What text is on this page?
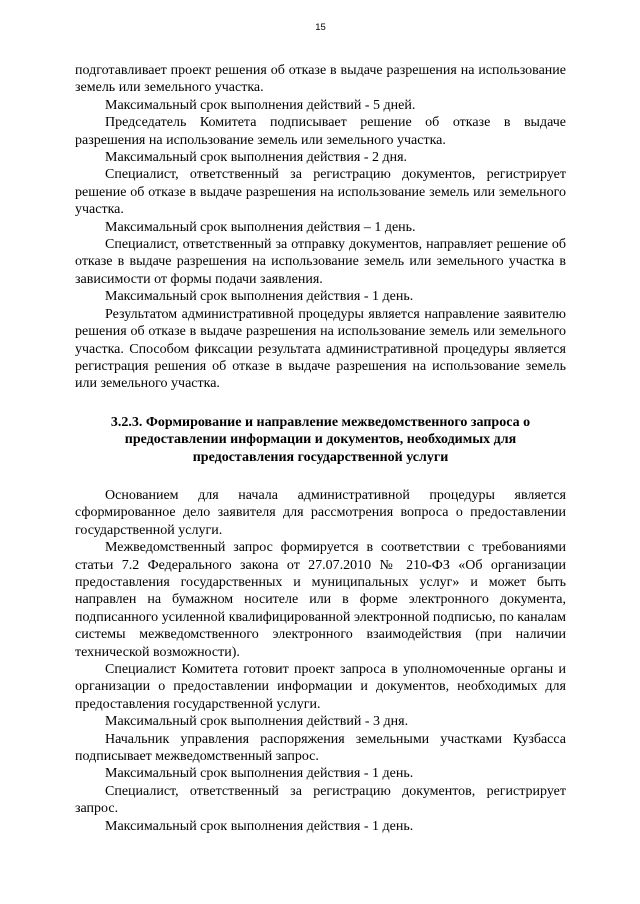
15

подготавливает проект решения об отказе в выдаче разрешения на использование земель или земельного участка.

Максимальный срок выполнения действий - 5 дней.

Председатель Комитета подписывает решение об отказе в выдаче разрешения на использование земель или земельного участка.

Максимальный срок выполнения действия - 2 дня.

Специалист, ответственный за регистрацию документов, регистрирует решение об отказе в выдаче разрешения на использование земель или земельного участка.

Максимальный срок выполнения действия – 1 день.

Специалист, ответственный за отправку документов, направляет решение об отказе в выдаче разрешения на использование земель или земельного участка в зависимости от формы подачи заявления.

Максимальный срок выполнения действия - 1 день.

Результатом административной процедуры является направление заявителю решения об отказе в выдаче разрешения на использование земель или земельного участка. Способом фиксации результата административной процедуры является регистрация решения об отказе в выдаче разрешения на использование земель или земельного участка.

3.2.3. Формирование и направление межведомственного запроса о предоставлении информации и документов, необходимых для предоставления государственной услуги

Основанием для начала административной процедуры является сформированное дело заявителя для рассмотрения вопроса о предоставлении государственной услуги.

Межведомственный запрос формируется в соответствии с требованиями статьи 7.2 Федерального закона от 27.07.2010 № 210-ФЗ «Об организации предоставления государственных и муниципальных услуг» и может быть направлен на бумажном носителе или в форме электронного документа, подписанного усиленной квалифицированной электронной подписью, по каналам системы межведомственного электронного взаимодействия (при наличии технической возможности).

Специалист Комитета готовит проект запроса в уполномоченные органы и организации о предоставлении информации и документов, необходимых для предоставления государственной услуги.

Максимальный срок выполнения действий - 3 дня.

Начальник управления распоряжения земельными участками Кузбасса подписывает межведомственный запрос.

Максимальный срок выполнения действия - 1 день.

Специалист, ответственный за регистрацию документов, регистрирует запрос.

Максимальный срок выполнения действия - 1 день.
